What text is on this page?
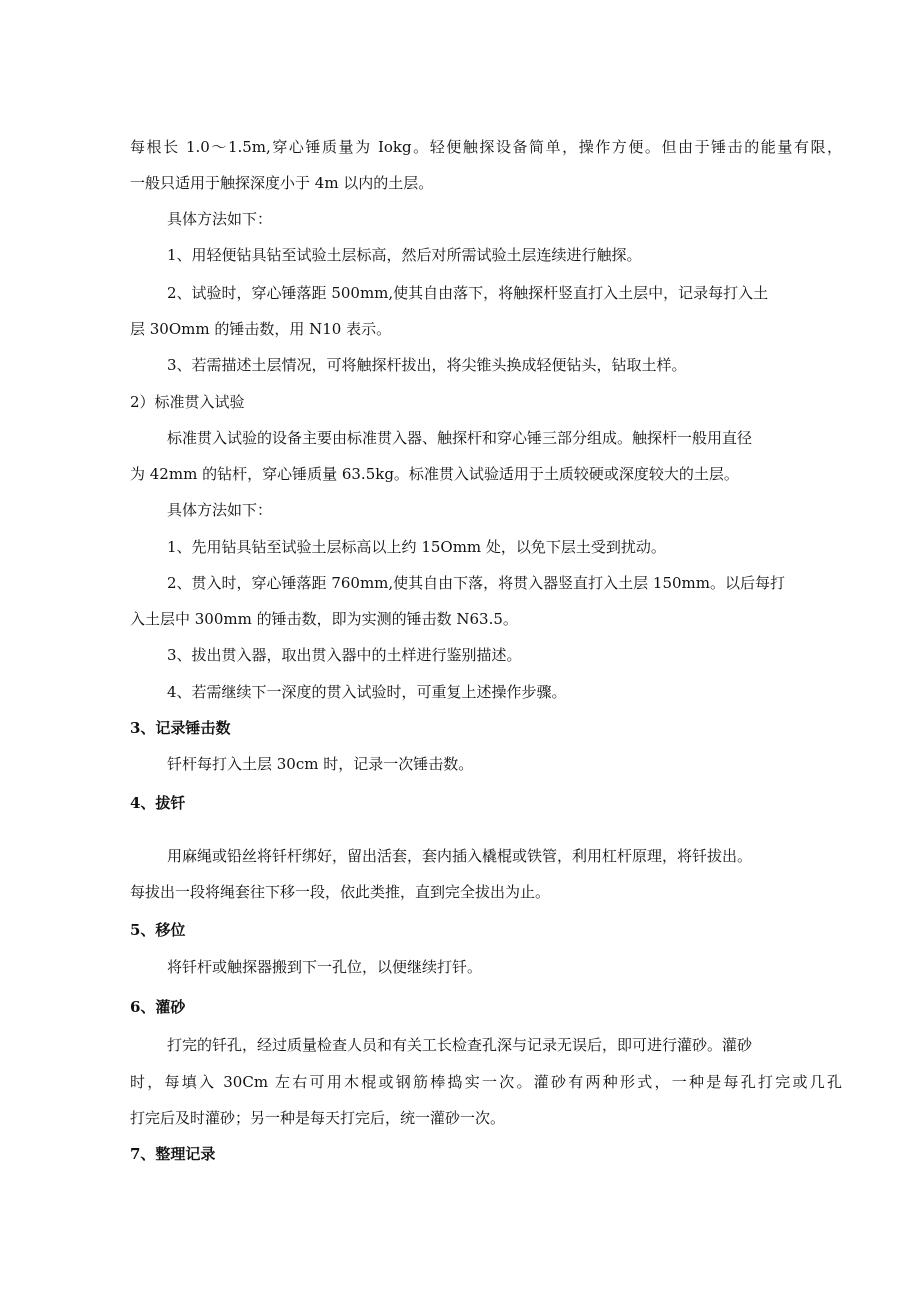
每根长 1.0～1.5m,穿心锤质量为 Iokg。轻便触探设备简单，操作方便。但由于锤击的能量有限，
一般只适用于触探深度小于 4m 以内的土层。
具体方法如下：
1、用轻便钻具钻至试验土层标高，然后对所需试验土层连续进行触探。
2、试验时，穿心锤落距 500mm,使其自由落下，将触探杆竖直打入土层中，记录每打入土
层 30Omm 的锤击数，用 N10 表示。
3、若需描述土层情况，可将触探杆拔出，将尖锥头换成轻便钻头，钻取土样。
2）标准贯入试验
标准贯入试验的设备主要由标准贯入器、触探杆和穿心锤三部分组成。触探杆一般用直径
为 42mm 的钻杆，穿心锤质量 63.5kg。标准贯入试验适用于土质较硬或深度较大的土层。
具体方法如下：
1、先用钻具钻至试验土层标高以上约 15Omm 处，以免下层土受到扰动。
2、贯入时，穿心锤落距 760mm,使其自由下落，将贯入器竖直打入土层 150mm。以后每打
入土层中 300mm 的锤击数，即为实测的锤击数 N63.5。
3、拔出贯入器，取出贯入器中的土样进行鉴别描述。
4、若需继续下一深度的贯入试验时，可重复上述操作步骤。
3、记录锤击数
钎杆每打入土层 30cm 时，记录一次锤击数。
4、拔钎
用麻绳或铅丝将钎杆绑好，留出活套，套内插入橇棍或铁管，利用杠杆原理，将钎拔出。
每拔出一段将绳套往下移一段，依此类推，直到完全拔出为止。
5、移位
将钎杆或触探器搬到下一孔位，以便继续打钎。
6、灌砂
打完的钎孔，经过质量检查人员和有关工长检查孔深与记录无误后，即可进行灌砂。灌砂
时，每填入 30Cm 左右可用木棍或钢筋棒捣实一次。灌砂有两种形式，一种是每孔打完或几孔
打完后及时灌砂；另一种是每天打完后，统一灌砂一次。
7、整理记录
